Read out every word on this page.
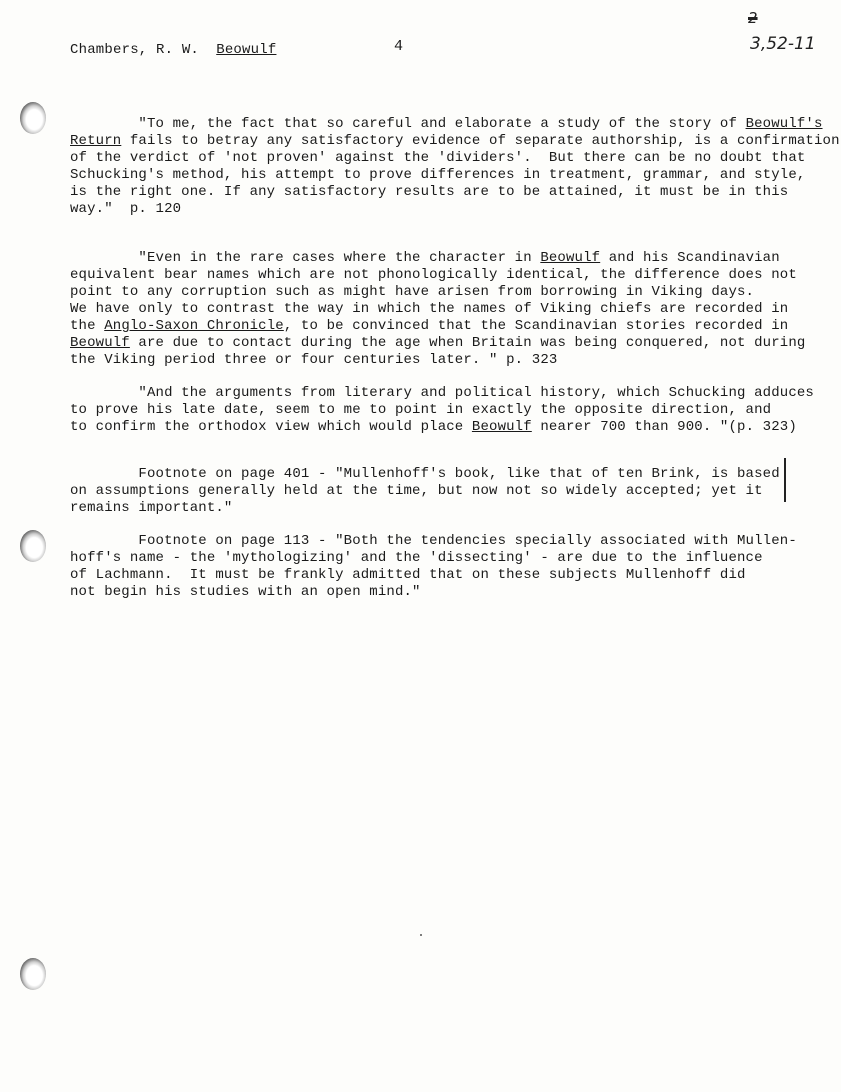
Chambers, R. W. Beowulf	4
2
3,52-11
"To me, the fact that so careful and elaborate a study of the story of Beowulf's
Return fails to betray any satisfactory evidence of separate authorship, is a confirmation
of the verdict of 'not proven' against the 'dividers'.  But there can be no doubt that
Schucking's method, his attempt to prove differences in treatment, grammar, and style,
is the right one. If any satisfactory results are to be attained, it must be in this
way."  p. 120
"Even in the rare cases where the character in Beowulf and his Scandinavian
equivalent bear names which are not phonologically identical, the difference does not
point to any corruption such as might have arisen from borrowing in Viking days.
We have only to contrast the way in which the names of Viking chiefs are recorded in
the Anglo-Saxon Chronicle, to be convinced that the Scandinavian stories recorded in
Beowulf are due to contact during the age when Britain was being conquered, not during
the Viking period three or four centuries later. " p. 323
"And the arguments from literary and political history, which Schucking adduces
to prove his late date, seem to me to point in exactly the opposite direction, and
to confirm the orthodox view which would place Beowulf nearer 700 than 900. "(p. 323)
Footnote on page 401 - "Mullenhoff's book, like that of ten Brink, is based
on assumptions generally held at the time, but now not so widely accepted; yet it
remains important."
Footnote on page 113 - "Both the tendencies specially associated with Mullen-
hoff's name - the 'mythologizing' and the 'dissecting' - are due to the influence
of Lachmann.  It must be frankly admitted that on these subjects Mullenhoff did
not begin his studies with an open mind."
